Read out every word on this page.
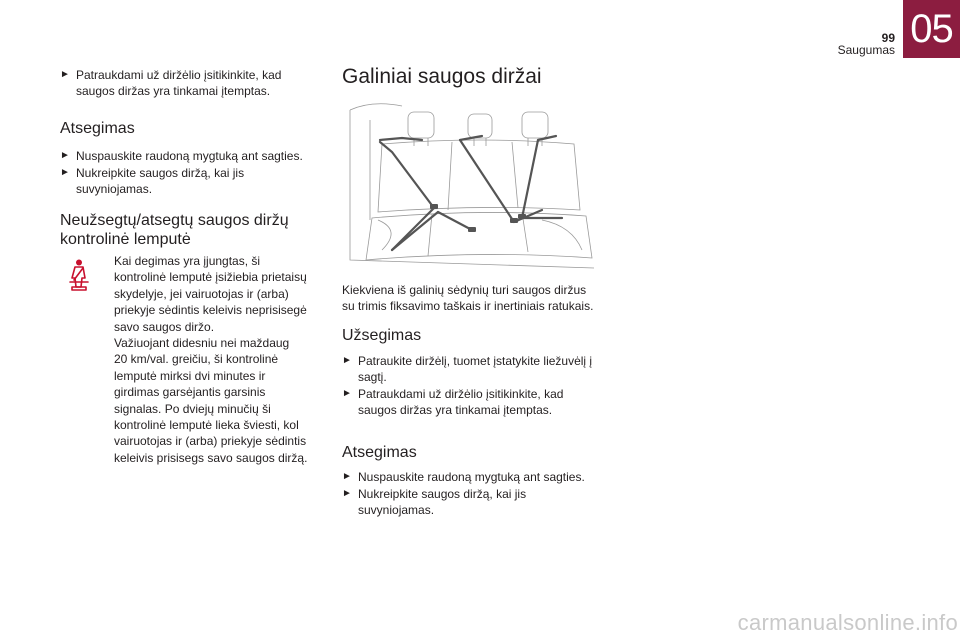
99
Saugumas 05
► Patraukdami už diržėlio įsitikinkite, kad saugos diržas yra tinkamai įtemptas.
Atsegimas
► Nuspauskite raudoną mygtuką ant sagties.
► Nukreipkite saugos diržą, kai jis suvyniojamas.
Neužsegtų/atsegtų saugos diržų
kontrolinė lemputė

Kai degimas yra įjungtas, ši

kontrolinė lemputė įsižiebia prietaisų

skydelyje, jei vairuotojas ir (arba)

priekyje sėdintis keleivis neprisisegė

savo saugos diržo.

Važiuojant didesniu nei maždaug

20 km/val. greičiu, ši kontrolinė

lemputė mirksi dvi minutes ir

girdimas garsėjantis garsinis

signalas. Po dviejų minučių ši

kontrolinė lemputė lieka šviesti, kol

vairuotojas ir (arba) priekyje sėdintis

keleivis prisisegs savo saugos diržą.

Galiniai saugos diržai

Kiekviena iš galinių sėdynių turi saugos diržus
su trimis fiksavimo taškais ir inertiniais ratukais.

Užsegimas
► Patraukite diržėlį, tuomet įstatykite liežuvėlį į sagtį.
► Patraukdami už diržėlio įsitikinkite, kad saugos diržas yra tinkamai įtemptas.
Atsegimas
► Nuspauskite raudoną mygtuką ant sagties.
► Nukreipkite saugos diržą, kai jis suvyniojamas.
carmanualsonline.info
